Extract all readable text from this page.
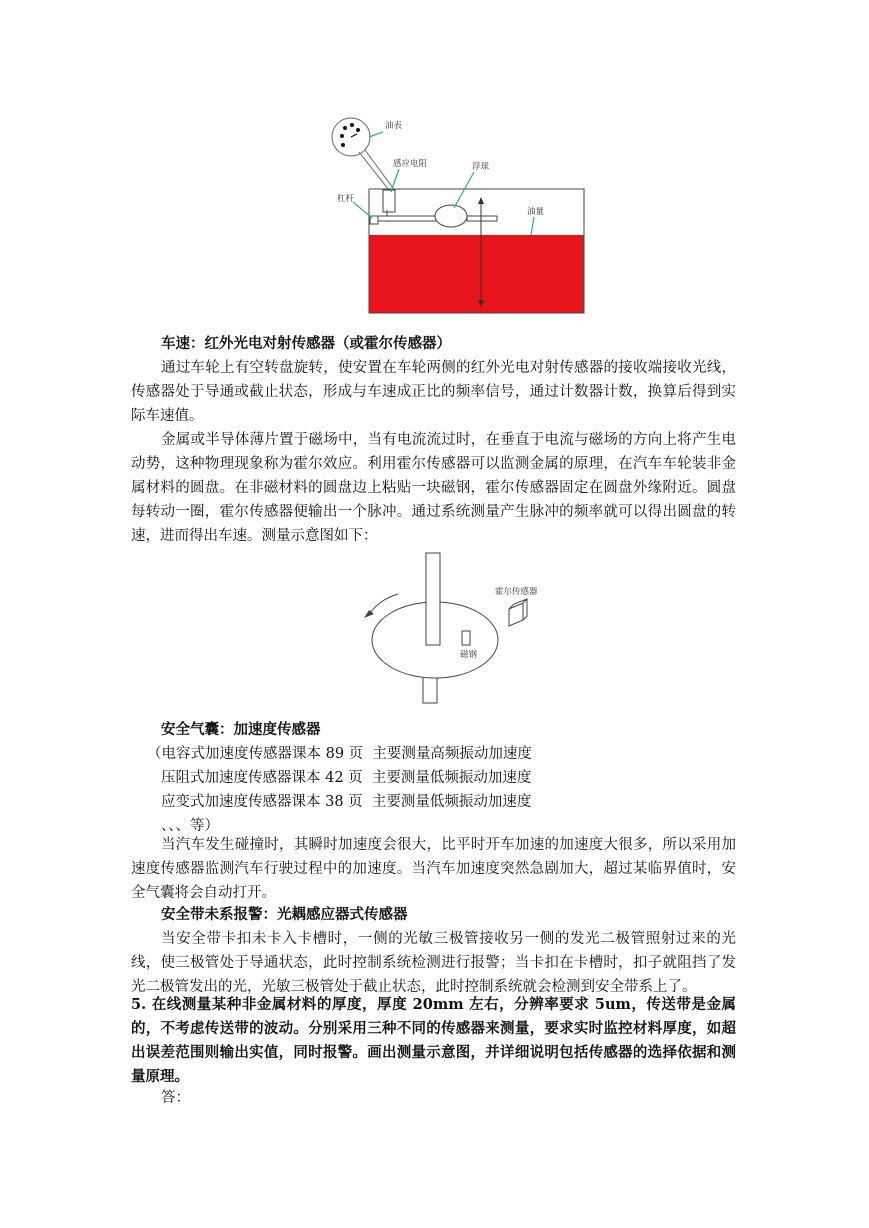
油表
感应电阻	浮球
杠杆
油量

车速：红外光电对射传感器（或霍尔传感器）

通过车轮上有空转盘旋转，使安置在车轮两侧的红外光电对射传感器的接收端接收光线，传感器处于导通或截止状态，形成与车速成正比的频率信号，通过计数器计数，换算后得到实际车速值。

金属或半导体薄片置于磁场中，当有电流流过时，在垂直于电流与磁场的方向上将产生电动势，这种物理现象称为霍尔效应。利用霍尔传感器可以监测金属的原理，在汽车车轮装非金属材料的圆盘。在非磁材料的圆盘边上粘贴一块磁钢，霍尔传感器固定在圆盘外缘附近。圆盘每转动一圈，霍尔传感器便输出一个脉冲。通过系统测量产生脉冲的频率就可以得出圆盘的转速，进而得出车速。测量示意图如下：

霍尔传感器
磁钢

安全气囊：加速度传感器

（电容式加速度传感器课本 89 页  主要测量高频振动加速度

压阻式加速度传感器课本 42 页  主要测量低频振动加速度

应变式加速度传感器课本 38 页  主要测量低频振动加速度

、、、等）

当汽车发生碰撞时，其瞬时加速度会很大，比平时开车加速的加速度大很多，所以采用加速度传感器监测汽车行驶过程中的加速度。当汽车加速度突然急剧加大，超过某临界值时，安全气囊将会自动打开。

安全带未系报警：光耦感应器式传感器

当安全带卡扣未卡入卡槽时，一侧的光敏三极管接收另一侧的发光二极管照射过来的光线，使三极管处于导通状态，此时控制系统检测进行报警；当卡扣在卡槽时，扣子就阻挡了发光二极管发出的光，光敏三极管处于截止状态，此时控制系统就会检测到安全带系上了。

5. 在线测量某种非金属材料的厚度，厚度 20mm 左右，分辨率要求 5um，传送带是金属的，不考虑传送带的波动。分别采用三种不同的传感器来测量，要求实时监控材料厚度，如超出误差范围则输出实值，同时报警。画出测量示意图，并详细说明包括传感器的选择依据和测量原理。

答：
